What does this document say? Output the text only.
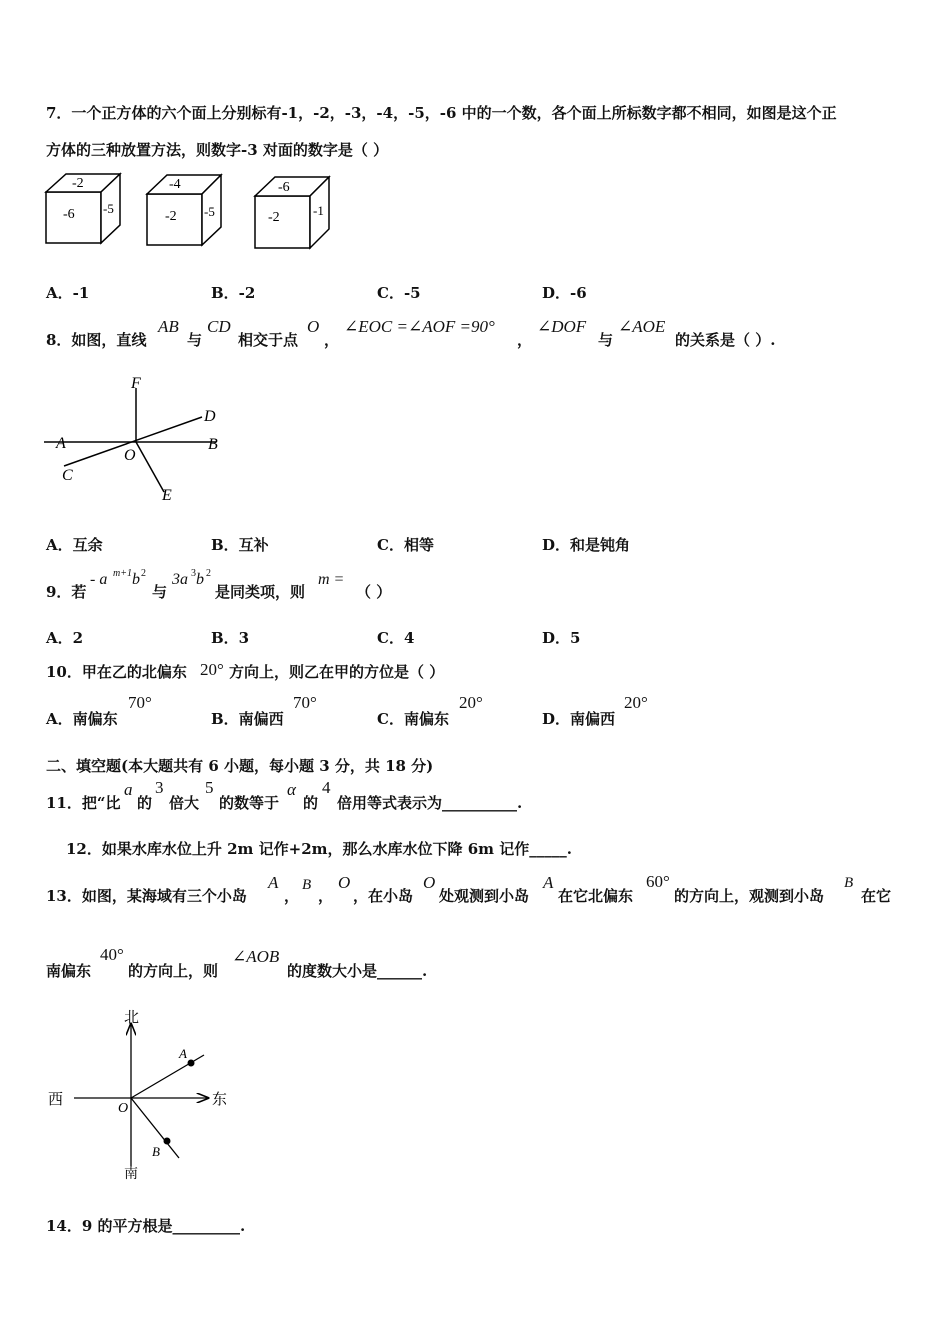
7．一个正方体的六个面上分别标有-1，-2，-3，-4，-5，-6 中的一个数，各个面上所标数字都不相同，如图是这个正
方体的三种放置方法，则数字-3 对面的数字是（ ）
-2
-6 -5
-4
-2 -5
-6
-2	-1
A．-1	B．-2	C．-5	D．-6
8．如图，直线
AB
与
CD
相交于点
O
，
∠EOC =∠AOF =90°
，
∠DOF
与
∠AOE
的关系是（ ）.
F
D
A	B
C
O
E
A．互余	B．互补	C．相等	D．和是钝角
9．若
- a m+1 b 2
与
3a 3 b 2
是同类项，则
m =
（ ）
A．2	B．3	C．4	D．5
10．甲在乙的北偏东 20° 方向上，则乙在甲的方位是（ ）
A．南偏东
70°
B．南偏西
70°
C．南偏东
20°
D．南偏西
20°
二、填空题(本大题共有 6 小题，每小题 3 分，共 18 分)
11．把“比
a
的
3
倍大
5
的数等于
α
的
4
倍用等式表示为__________.
12．如果水库水位上升 2m 记作+2m，那么水库水位下降 6m 记作_____.
13．如图，某海域有三个小岛
A
，
B
，
O
，在小岛
O
处观测到小岛
A
在它北偏东
60°
的方向上，观测到小岛
B
在它
南偏东
40°
的方向上，则
∠AOB
的度数大小是______.
北
南
东
西
O
A
B
14．9 的平方根是_________.
